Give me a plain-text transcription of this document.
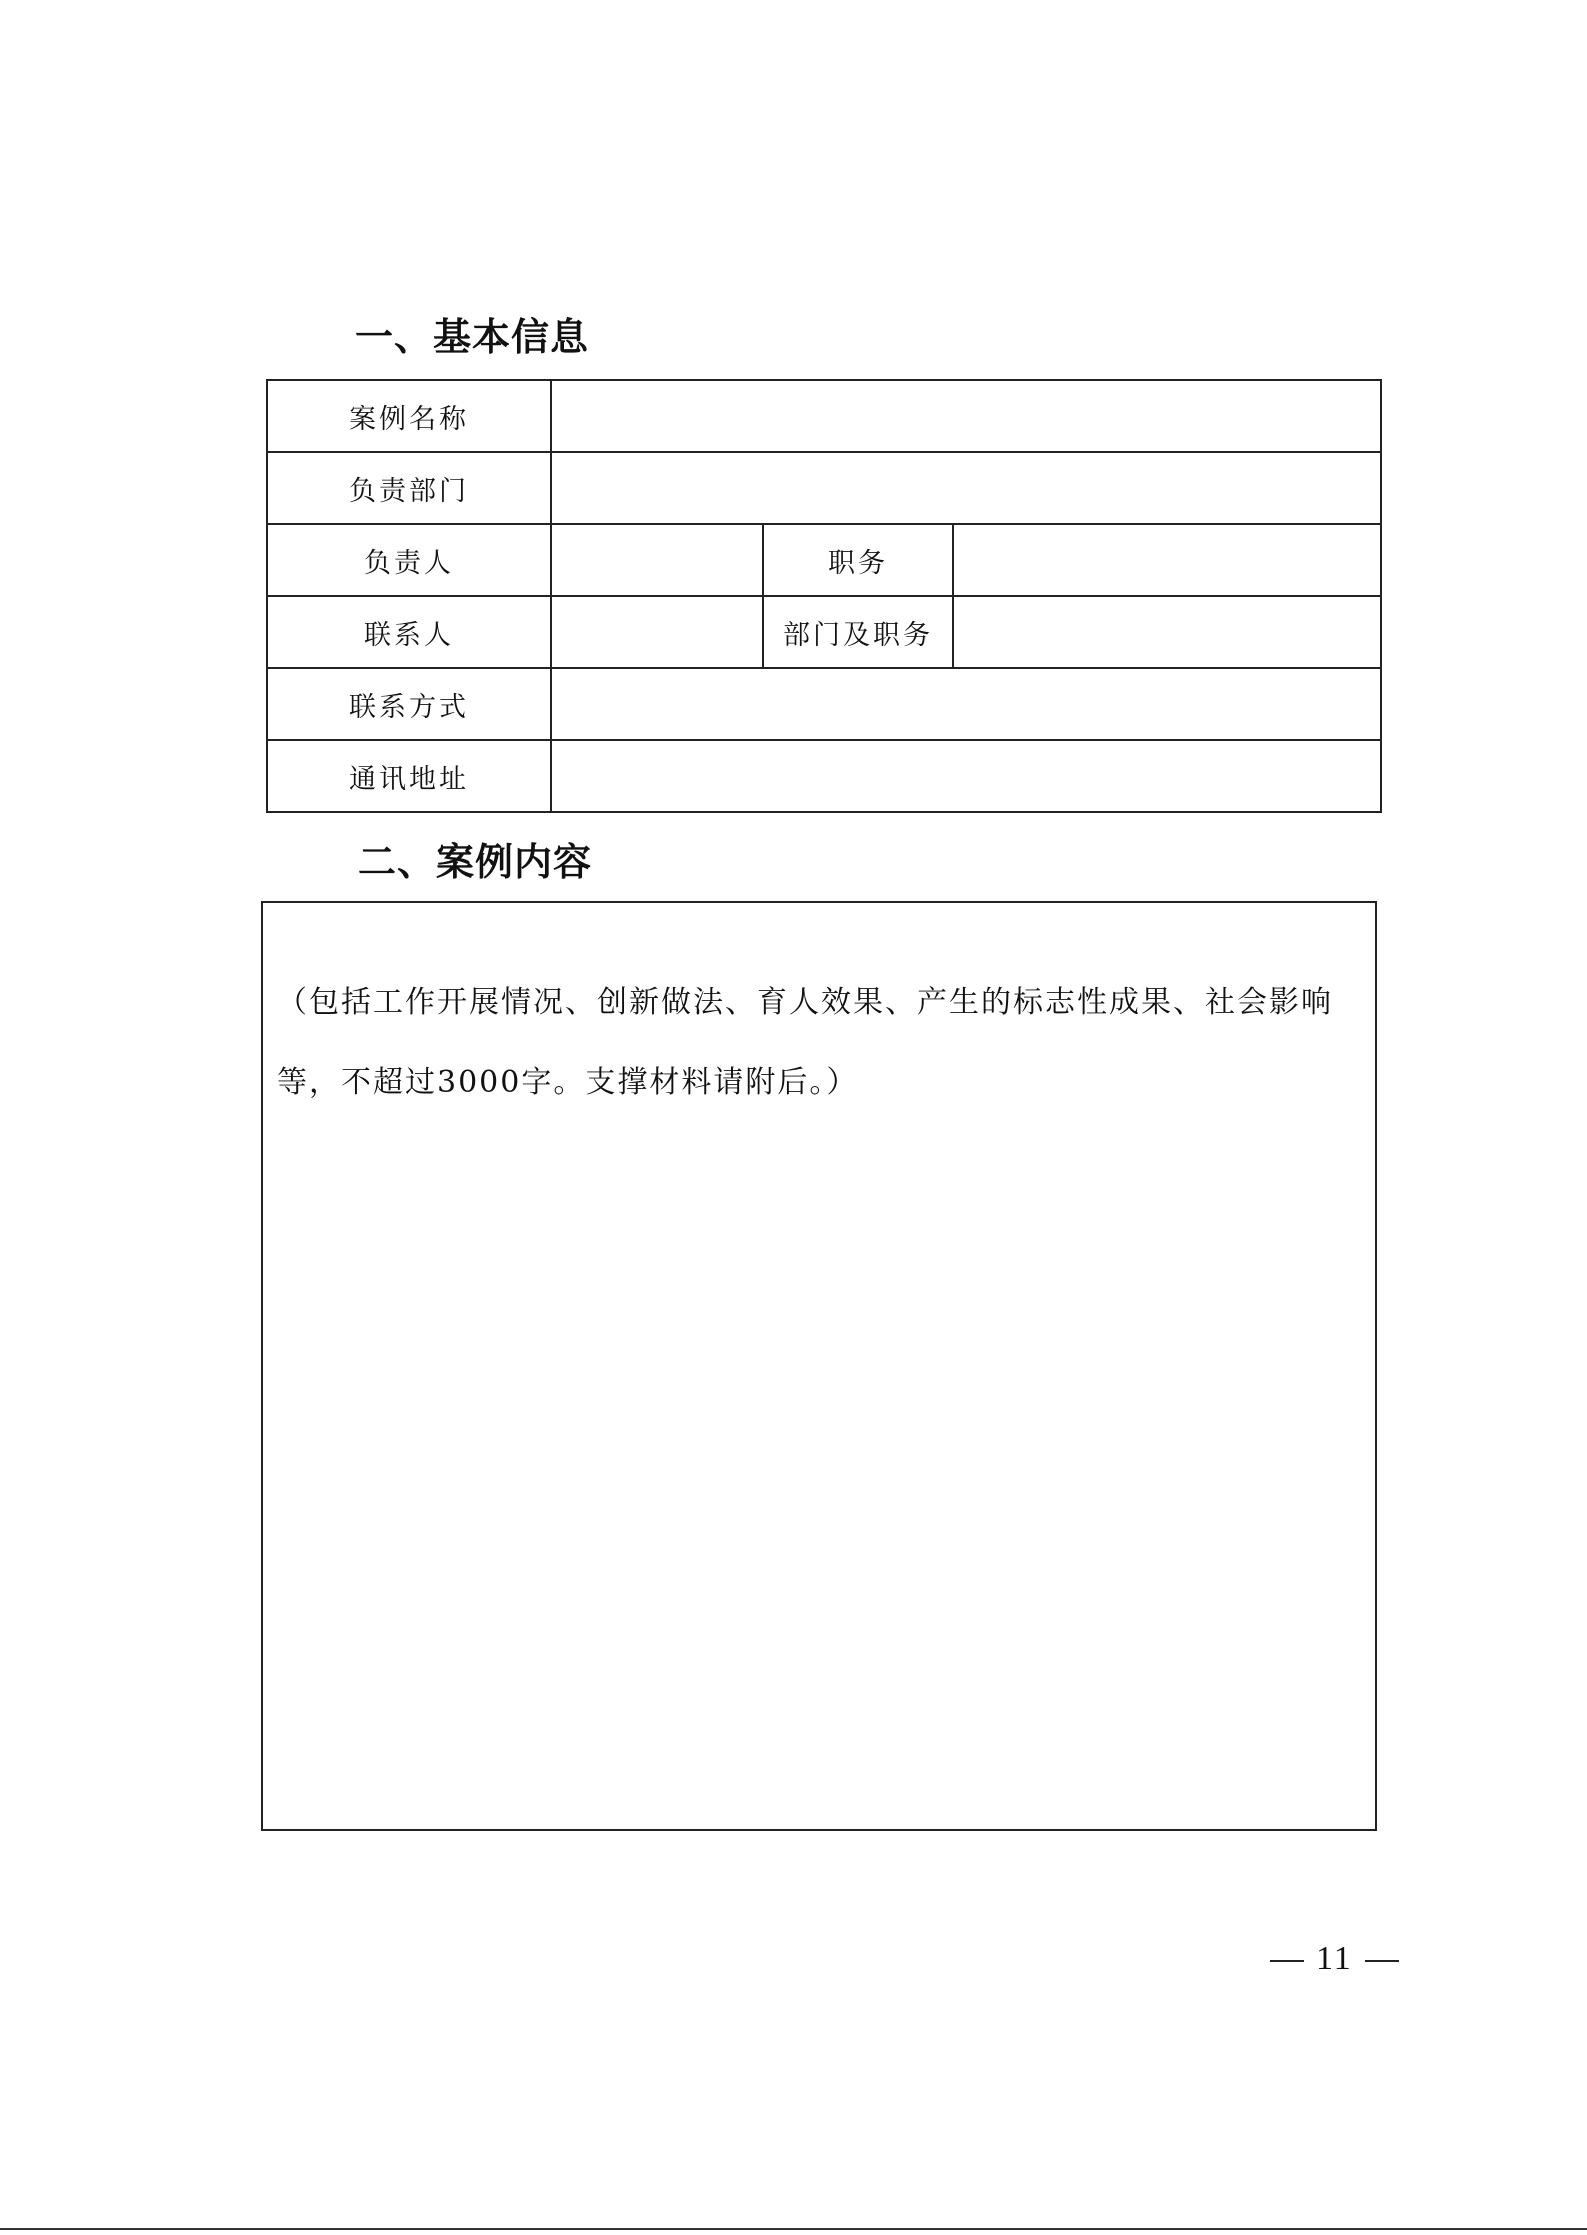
一、基本信息
案例名称			
负责部门			
负责人		职务	
联系人		部门及职务	
联系方式			
通讯地址			
二、案例内容

（包括工作开展情况、创新做法、育人效果、产生的标志性成果、社会影响等，不超过3000字。支撑材料请附后。）

11
